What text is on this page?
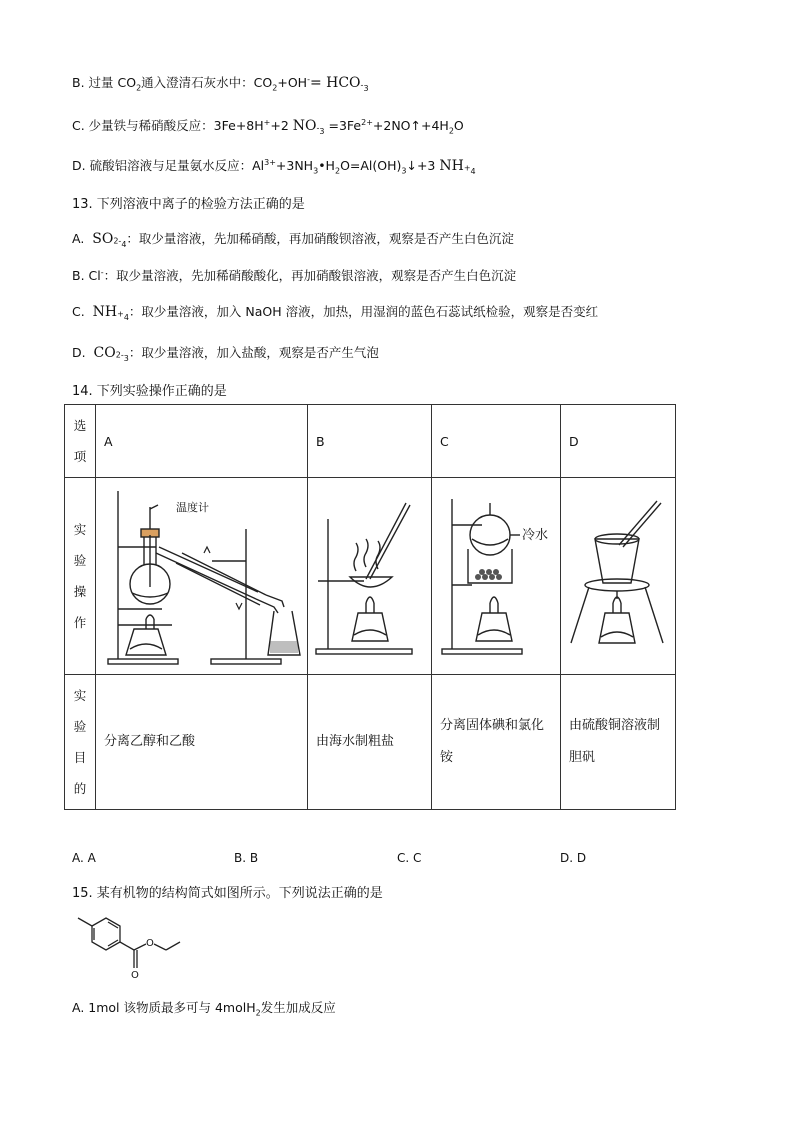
B. 过量 $CO_2$通入澄清石灰水中：$CO_2+OH^-= HCO_{^-3}$
C. 少量铁与稀硝酸反应：3Fe+8H++2 $NO_{^-3}$ $=3Fe^{2+}+2NO↑+4H_2O$
D. 硫酸铝溶液与足量氨水反应：$Al^{3+}+3NH_3•H_2O=Al(OH)_3↓+3$ $NH_{^+4}$
13. 下列溶液中离子的检验方法正确的是
A.  $SO_{^{2-}4}$：取少量溶液，先加稀硝酸，再加硝酸钡溶液，观察是否产生白色沉淀
B. Cl-：取少量溶液，先加稀硝酸酸化，再加硝酸银溶液，观察是否产生白色沉淀
C.  $NH_{^+4}$：取少量溶液，加入 NaOH 溶液，加热，用湿润的蓝色石蕊试纸检验，观察是否变红
D.  $CO_{^{2-}3}$：取少量溶液，加入盐酸，观察是否产生气泡
14. 下列实验操作正确的是
选
项	A	B	C	D

实
验
操
作	温度计		冷水

实
验
目
的	分离乙醇和乙酸	由海水制粗盐	分离固体碘和氯化铵	由硫酸铜溶液制胆矾
A. A	B. B	C. C	D. D
15. 某有机物的结构简式如图所示。下列说法正确的是
O
O
A. 1mol 该物质最多可与 4molH$_2$发生加成反应
